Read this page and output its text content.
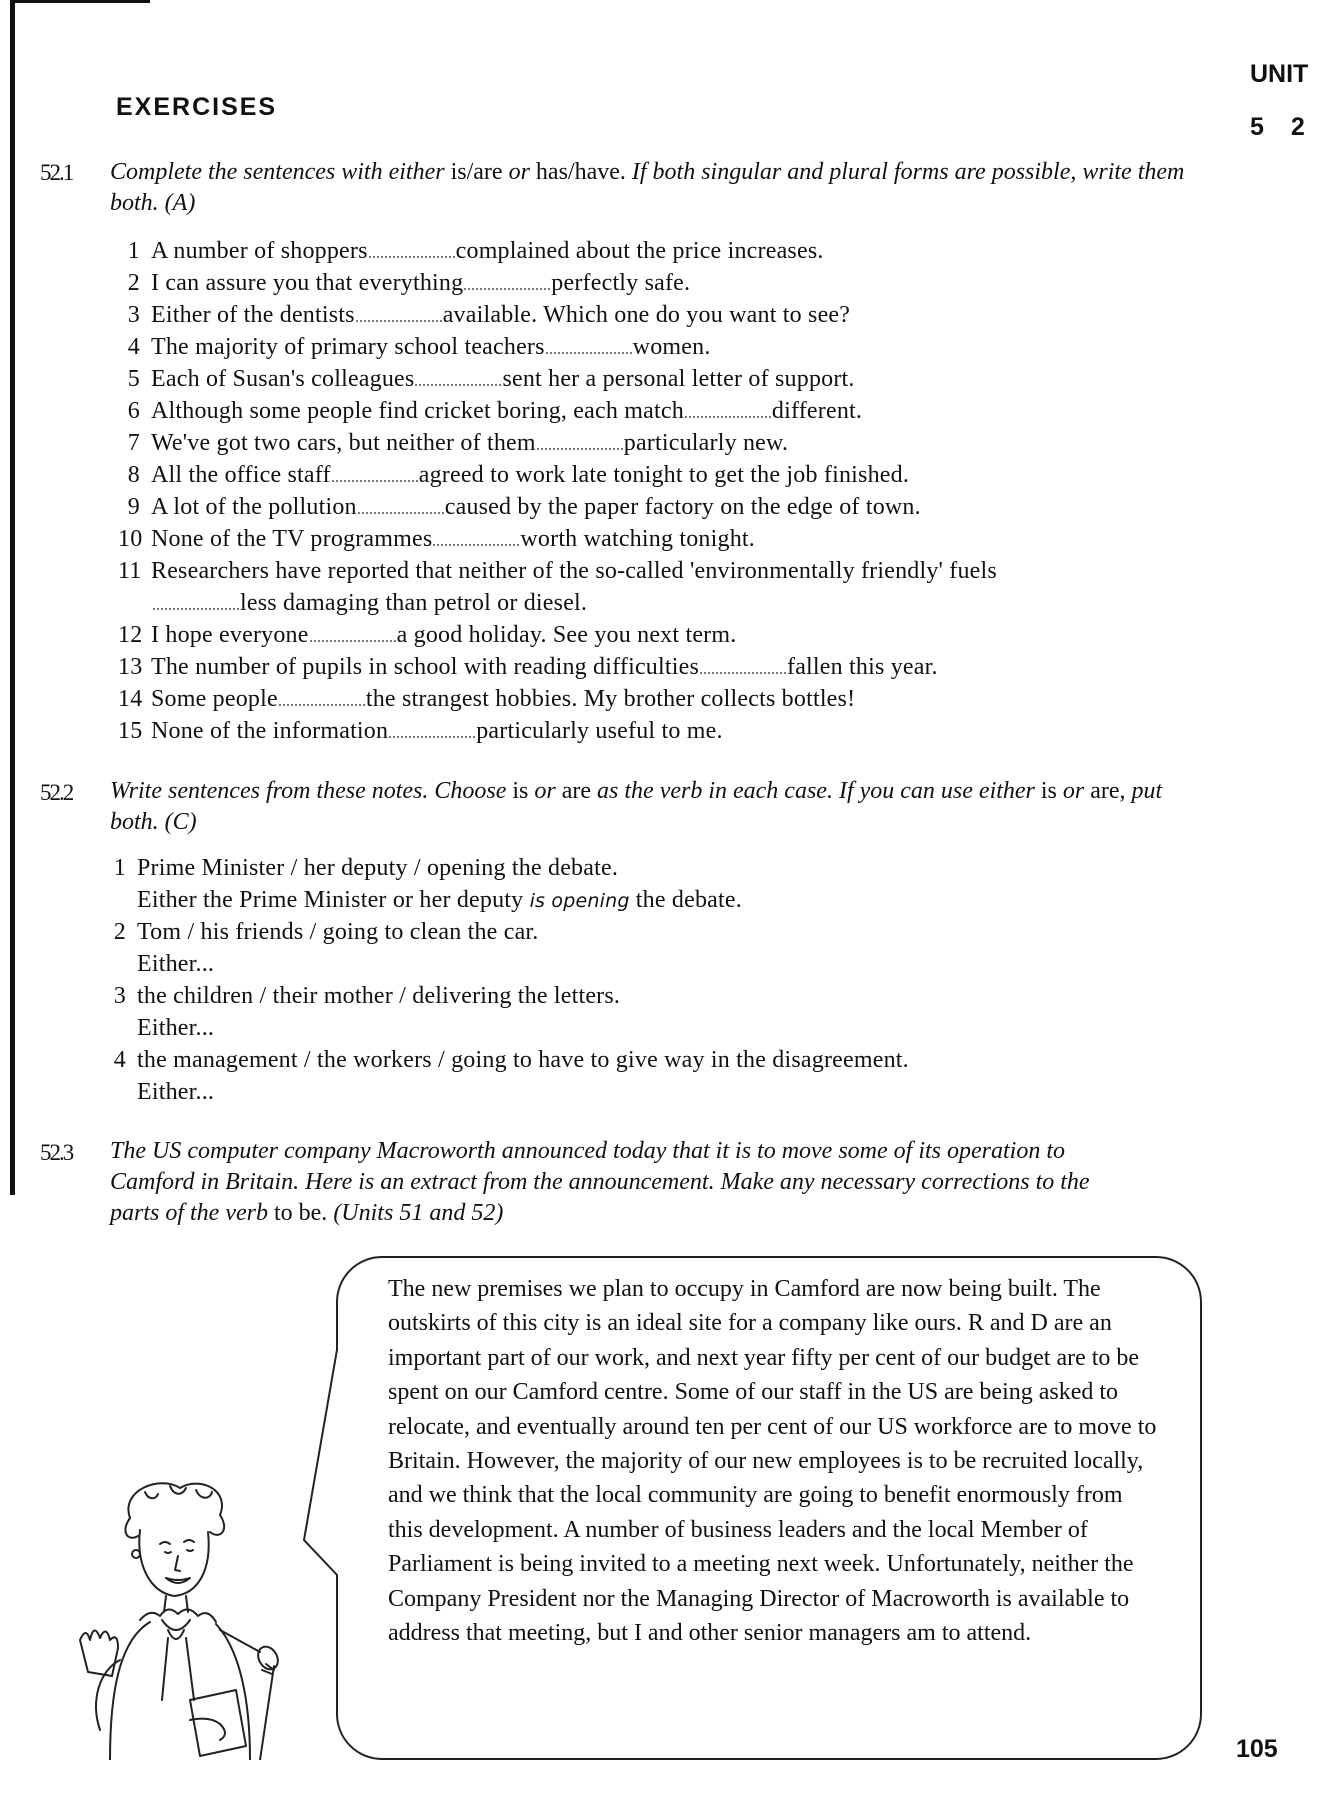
UNIT
5 2
EXERCISES
52.1 Complete the sentences with either is/are or has/have. If both singular and plural forms are possible, write them both. (A)
1 A number of shoppers	complained about the price increases.
2 I can assure you that everything	perfectly safe.
3 Either of the dentists	available. Which one do you want to see?
4 The majority of primary school teachers	women.
5 Each of Susan's colleagues	sent her a personal letter of support.
6 Although some people find cricket boring, each match	different.
7 We've got two cars, but neither of them	particularly new.
8 All the office staff	agreed to work late tonight to get the job finished.
9 A lot of the pollution	caused by the paper factory on the edge of town.
10 None of the TV programmes	worth watching tonight.
11 Researchers have reported that neither of the so-called 'environmentally friendly' fuels
less damaging than petrol or diesel.
12 I hope everyone	a good holiday. See you next term.
13 The number of pupils in school with reading difficulties	fallen this year.
14 Some people	the strangest hobbies. My brother collects bottles!
15 None of the information	particularly useful to me.
52.2 Write sentences from these notes. Choose is or are as the verb in each case. If you can use either is or are, put both. (C)
1 Prime Minister / her deputy / opening the debate.
Either the Prime Minister or her deputy is opening the debate.
2 Tom / his friends / going to clean the car.
Either...
3 the children / their mother / delivering the letters.
Either...
4 the management / the workers / going to have to give way in the disagreement.
Either...
52.3 The US computer company Macroworth announced today that it is to move some of its operation to Camford in Britain. Here is an extract from the announcement. Make any necessary corrections to the parts of the verb to be. (Units 51 and 52)
The new premises we plan to occupy in Camford are now being built. The outskirts of this city is an ideal site for a company like ours. R and D are an important part of our work, and next year fifty per cent of our budget are to be spent on our Camford centre. Some of our staff in the US are being asked to relocate, and eventually around ten per cent of our US workforce are to move to Britain. However, the majority of our new employees is to be recruited locally, and we think that the local community are going to benefit enormously from this development. A number of business leaders and the local Member of Parliament is being invited to a meeting next week. Unfortunately, neither the Company President nor the Managing Director of Macroworth is available to address that meeting, but I and other senior managers am to attend.
105
